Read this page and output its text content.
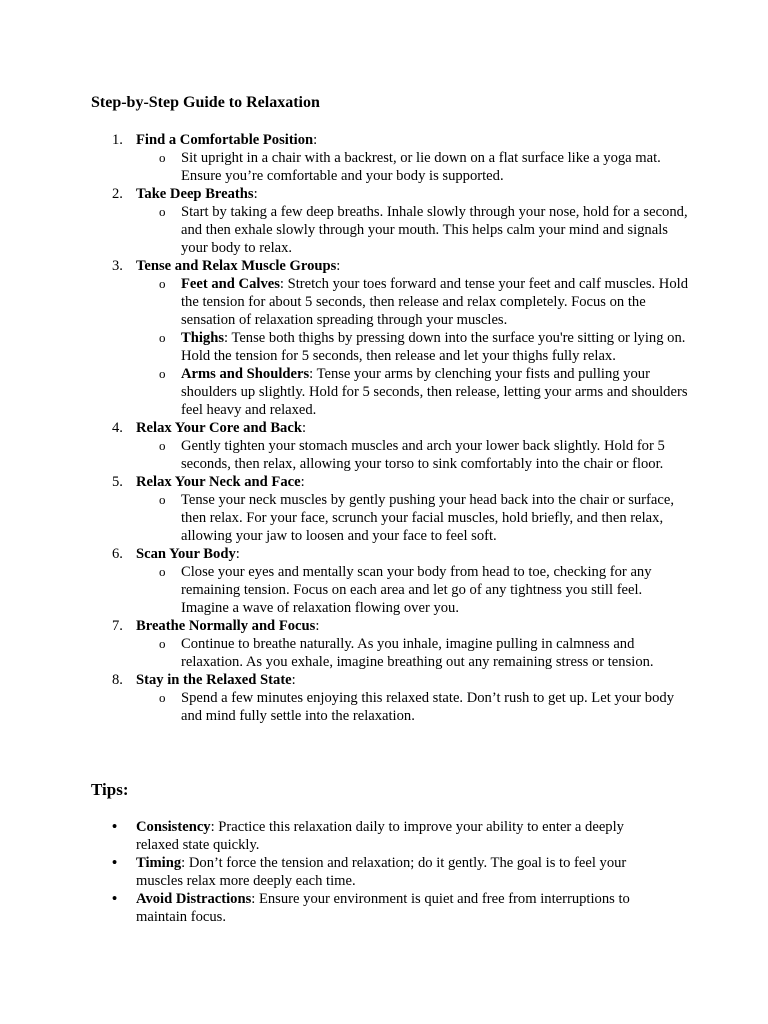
Step-by-Step Guide to Relaxation
1. Find a Comfortable Position:
o Sit upright in a chair with a backrest, or lie down on a flat surface like a yoga mat. Ensure you’re comfortable and your body is supported.
2. Take Deep Breaths:
o Start by taking a few deep breaths. Inhale slowly through your nose, hold for a second, and then exhale slowly through your mouth. This helps calm your mind and signals your body to relax.
3. Tense and Relax Muscle Groups:
o Feet and Calves: Stretch your toes forward and tense your feet and calf muscles. Hold the tension for about 5 seconds, then release and relax completely. Focus on the sensation of relaxation spreading through your muscles.
o Thighs: Tense both thighs by pressing down into the surface you're sitting or lying on. Hold the tension for 5 seconds, then release and let your thighs fully relax.
o Arms and Shoulders: Tense your arms by clenching your fists and pulling your shoulders up slightly. Hold for 5 seconds, then release, letting your arms and shoulders feel heavy and relaxed.
4. Relax Your Core and Back:
o Gently tighten your stomach muscles and arch your lower back slightly. Hold for 5 seconds, then relax, allowing your torso to sink comfortably into the chair or floor.
5. Relax Your Neck and Face:
o Tense your neck muscles by gently pushing your head back into the chair or surface, then relax. For your face, scrunch your facial muscles, hold briefly, and then relax, allowing your jaw to loosen and your face to feel soft.
6. Scan Your Body:
o Close your eyes and mentally scan your body from head to toe, checking for any remaining tension. Focus on each area and let go of any tightness you still feel. Imagine a wave of relaxation flowing over you.
7. Breathe Normally and Focus:
o Continue to breathe naturally. As you inhale, imagine pulling in calmness and relaxation. As you exhale, imagine breathing out any remaining stress or tension.
8. Stay in the Relaxed State:
o Spend a few minutes enjoying this relaxed state. Don’t rush to get up. Let your body and mind fully settle into the relaxation.
Tips:
• Consistency: Practice this relaxation daily to improve your ability to enter a deeply relaxed state quickly.
• Timing: Don’t force the tension and relaxation; do it gently. The goal is to feel your muscles relax more deeply each time.
• Avoid Distractions: Ensure your environment is quiet and free from interruptions to maintain focus.
